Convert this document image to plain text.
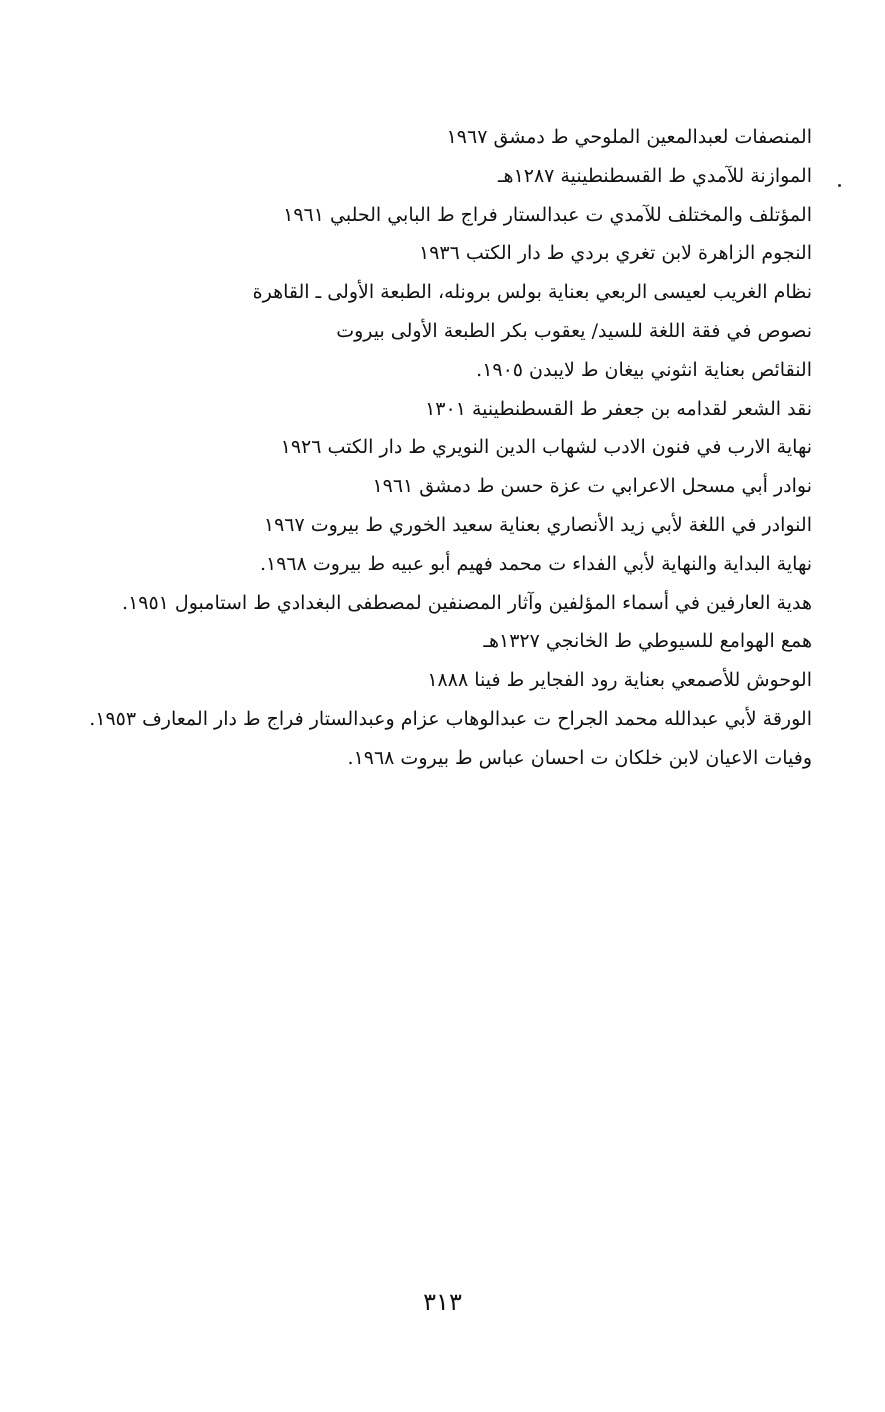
المنصفات لعبدالمعين الملوحي ط دمشق ١٩٦٧
الموازنة للآمدي ط القسطنطينية ١٢٨٧هـ
المؤتلف والمختلف للآمدي ت عبدالستار فراج ط البابي الحلبي ١٩٦١
النجوم الزاهرة لابن تغري بردي ط دار الكتب ١٩٣٦
نظام الغريب لعيسى الربعي بعناية بولس برونله، الطبعة الأولى ـ القاهرة
نصوص في فقة اللغة للسيد/ يعقوب بكر الطبعة الأولى بيروت
النقائص بعناية انثوني بيغان ط لايبدن ١٩٠٥.
نقد الشعر لقدامه بن جعفر ط القسطنطينية ١٣٠١
نهاية الارب في فنون الادب لشهاب الدين النويري ط دار الكتب ١٩٢٦
نوادر أبي مسحل الاعرابي ت عزة حسن ط دمشق ١٩٦١
النوادر في اللغة لأبي زيد الأنصاري بعناية سعيد الخوري ط بيروت ١٩٦٧
نهاية البداية والنهاية لأبي الفداء ت محمد فهيم أبو عبيه ط بيروت ١٩٦٨.
هدية العارفين في أسماء المؤلفين وآثار المصنفين لمصطفى البغدادي ط استامبول ١٩٥١.
همع الهوامع للسيوطي ط الخانجي ١٣٢٧هـ
الوحوش للأصمعي بعناية رود الفجاير ط فينا ١٨٨٨
الورقة لأبي عبدالله محمد الجراح ت عبدالوهاب عزام وعبدالستار فراج ط دار المعارف ١٩٥٣.
وفيات الاعيان لابن خلكان ت احسان عباس ط بيروت ١٩٦٨.
٣١٣
